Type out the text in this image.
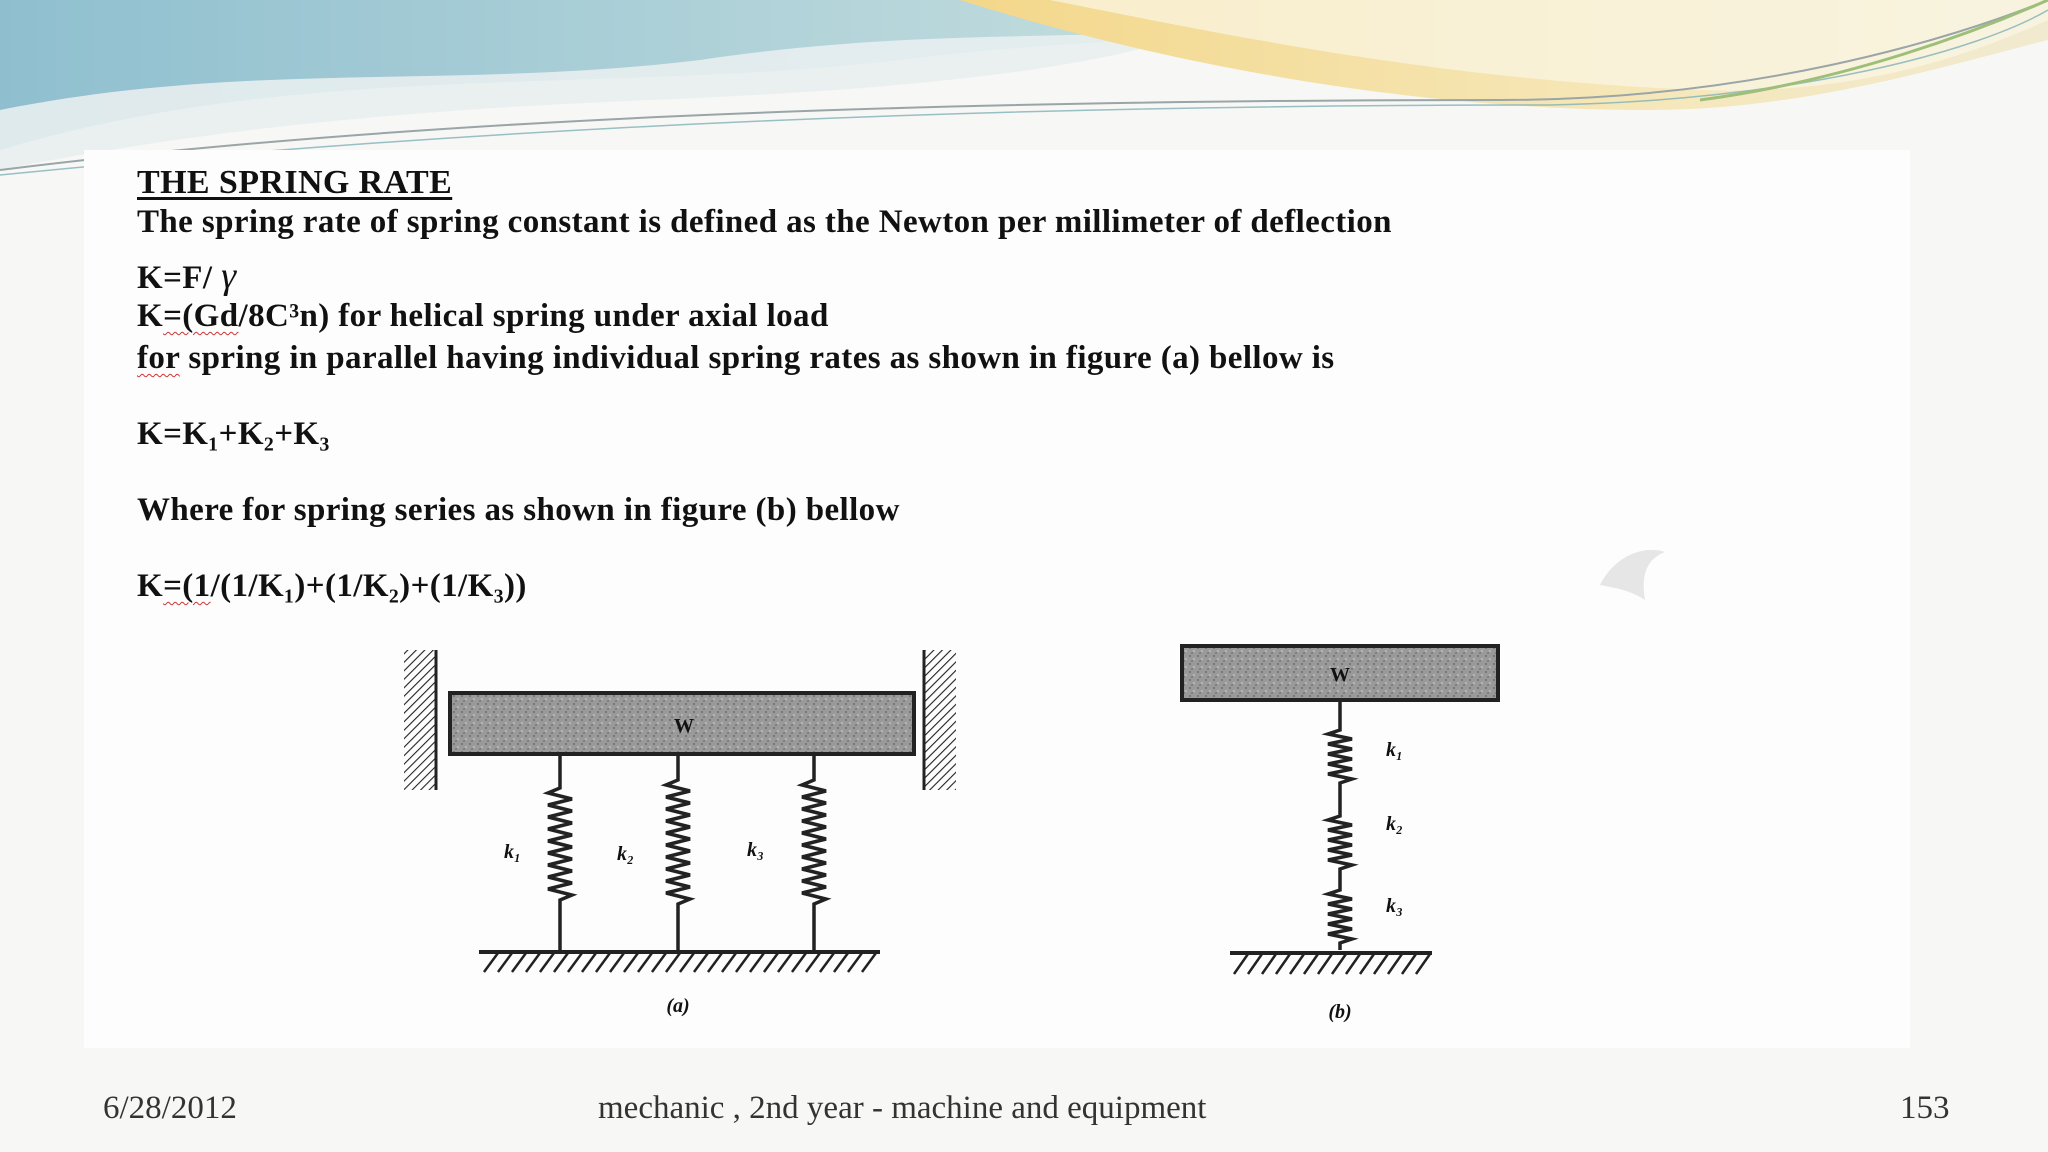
THE SPRING RATE

The spring rate of spring constant is defined as the Newton per millimeter of deflection

K=F/ γ

K=(Gd/8C³n) for helical spring under axial load

for spring in parallel having individual spring rates as shown in figure (a) bellow is

K=K₁+K₂+K₃

Where for spring series as shown in figure (b) bellow

K=(1/(1/K₁)+(1/K₂)+(1/K₃))

W
k₁	k₂	k₃
(a)
W
k₁
k₂
k₃
(b)
6/28/2012	mechanic , 2nd year - machine and equipment	153
